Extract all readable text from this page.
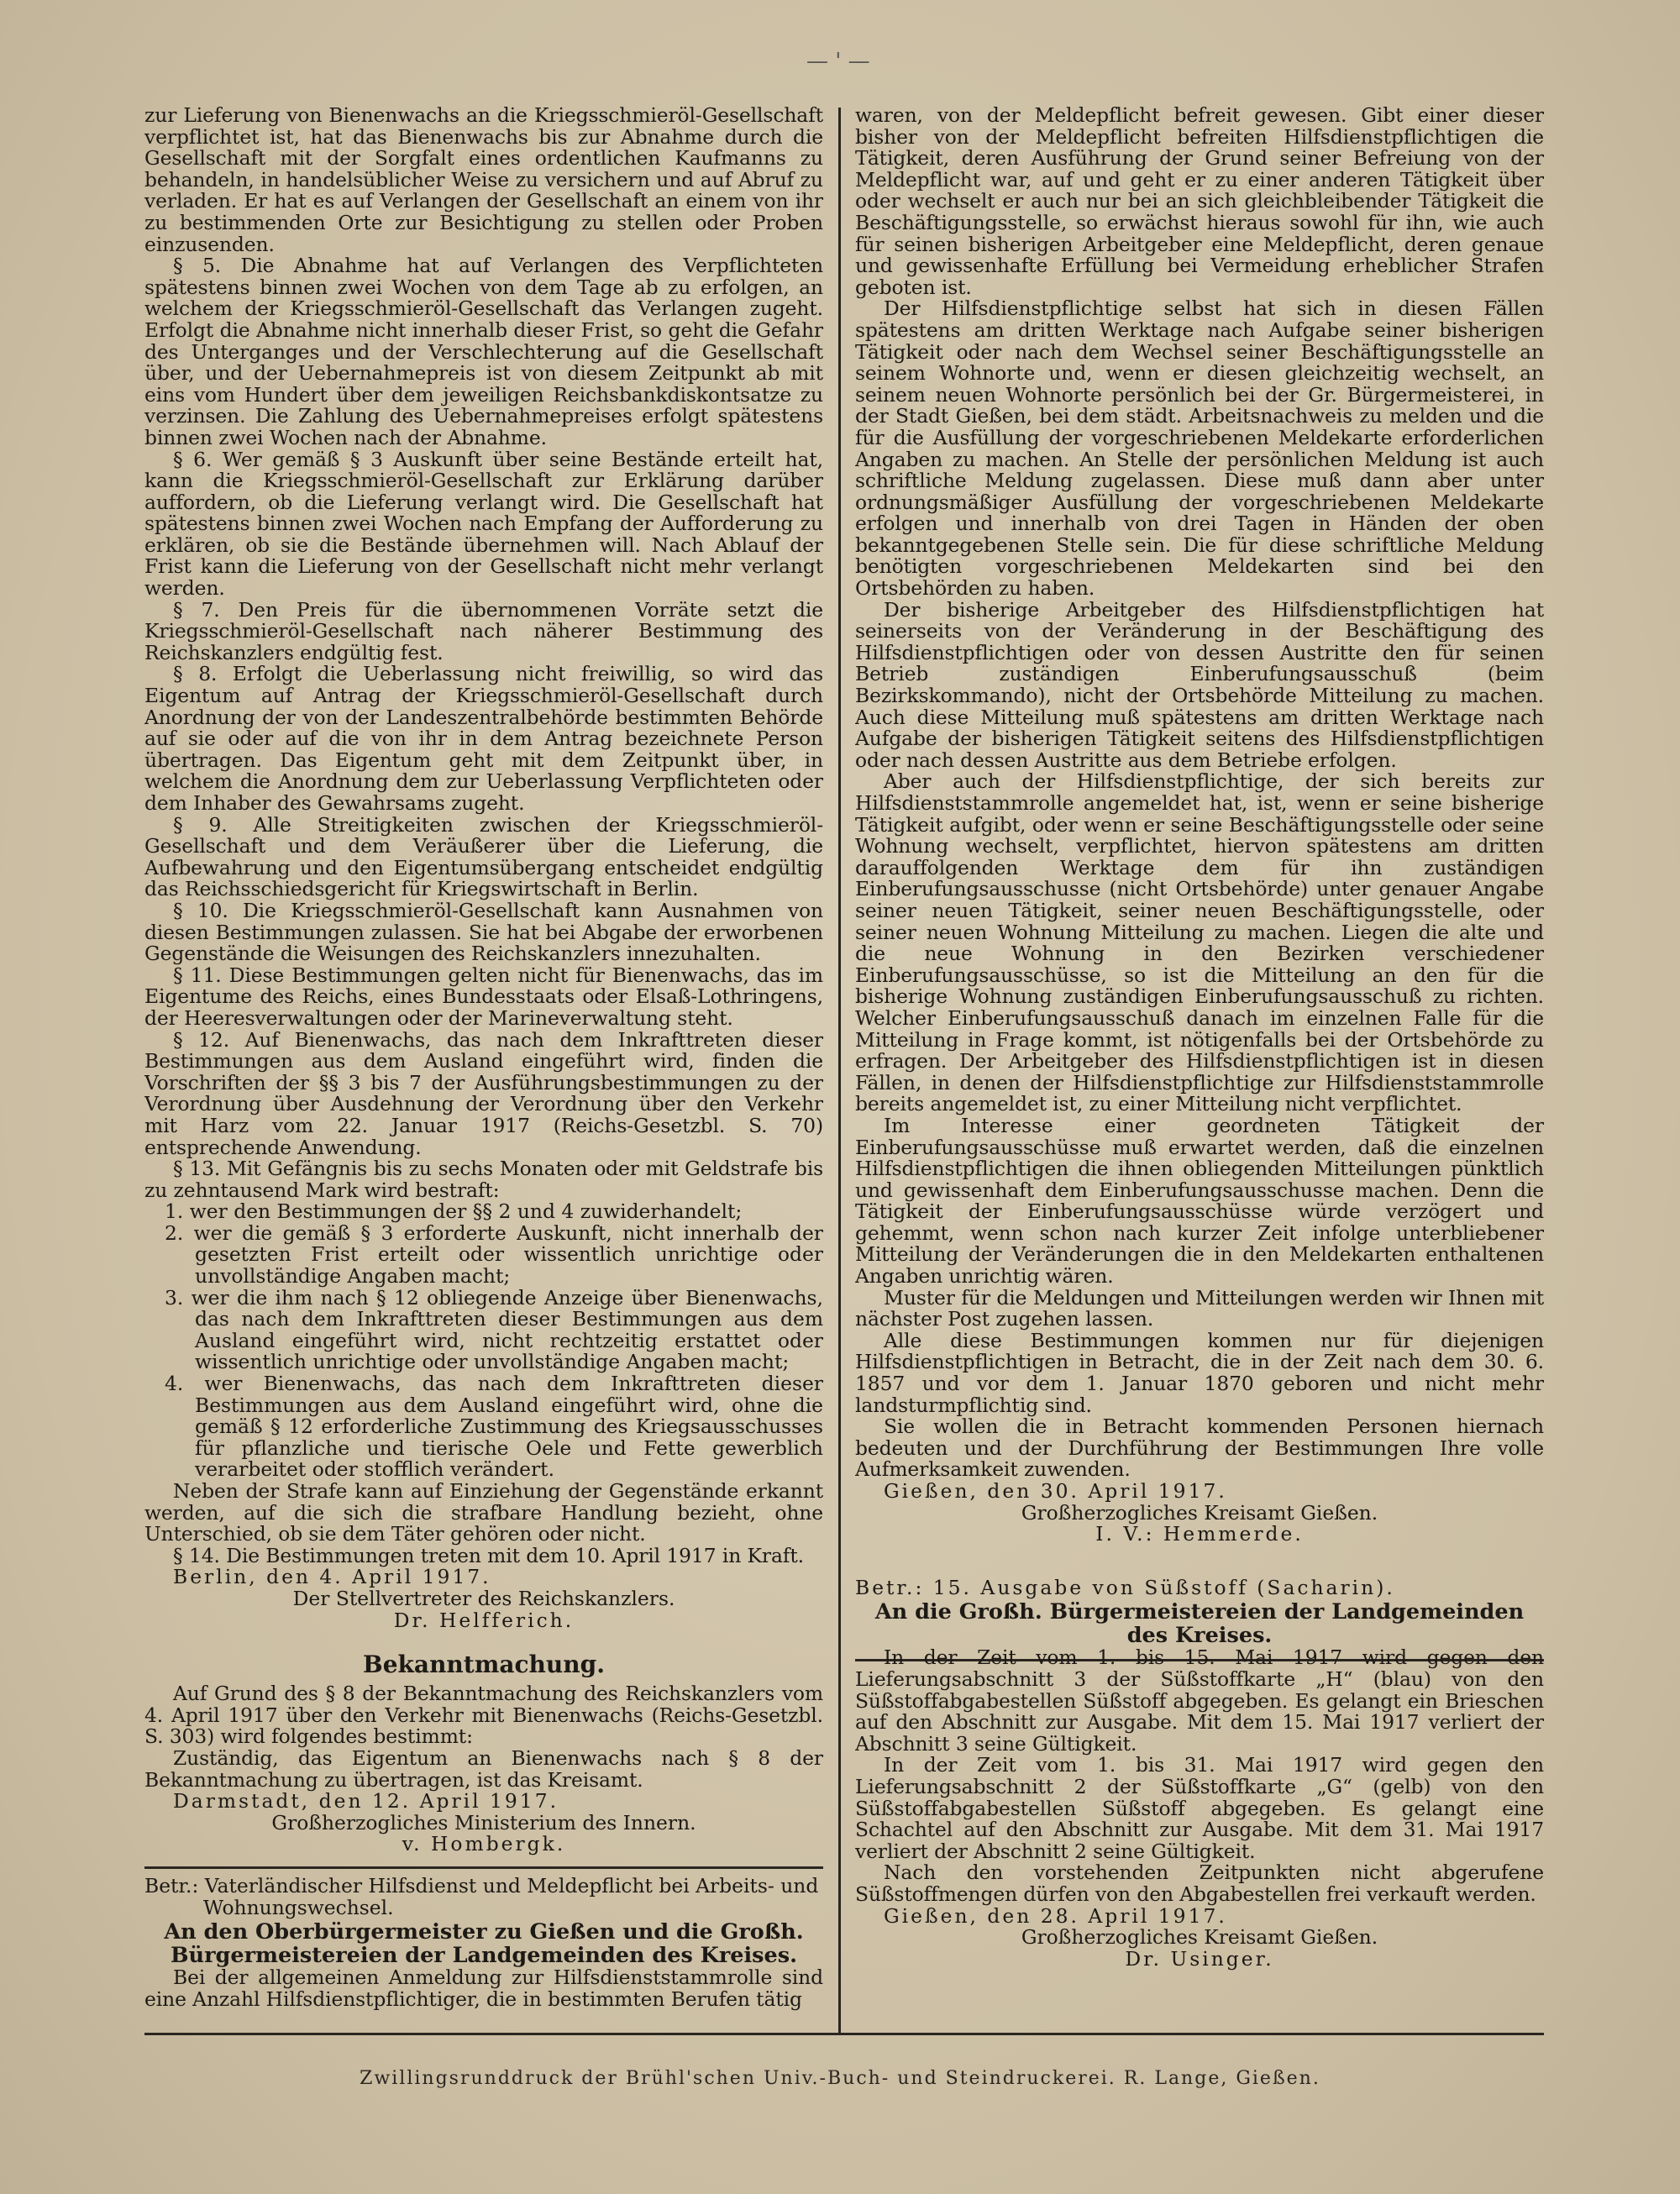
— ' —

zur Lieferung von Bienenwachs an die Kriegsschmieröl-Gesellschaft verpflichtet ist, hat das Bienenwachs bis zur Abnahme durch die Gesellschaft mit der Sorgfalt eines ordentlichen Kaufmanns zu behandeln, in handelsüblicher Weise zu versichern und auf Abruf zu verladen. Er hat es auf Verlangen der Gesellschaft an einem von ihr zu bestimmenden Orte zur Besichtigung zu stellen oder Proben einzusenden.

§ 5. Die Abnahme hat auf Verlangen des Verpflichteten spätestens binnen zwei Wochen von dem Tage ab zu erfolgen, an welchem der Kriegsschmieröl-Gesellschaft das Verlangen zugeht. Erfolgt die Abnahme nicht innerhalb dieser Frist, so geht die Gefahr des Unterganges und der Verschlechterung auf die Gesellschaft über, und der Uebernahmepreis ist von diesem Zeitpunkt ab mit eins vom Hundert über dem jeweiligen Reichsbankdiskontsatze zu verzinsen. Die Zahlung des Uebernahmepreises erfolgt spätestens binnen zwei Wochen nach der Abnahme.

§ 6. Wer gemäß § 3 Auskunft über seine Bestände erteilt hat, kann die Kriegsschmieröl-Gesellschaft zur Erklärung darüber auffordern, ob die Lieferung verlangt wird. Die Gesellschaft hat spätestens binnen zwei Wochen nach Empfang der Aufforderung zu erklären, ob sie die Bestände übernehmen will. Nach Ablauf der Frist kann die Lieferung von der Gesellschaft nicht mehr verlangt werden.

§ 7. Den Preis für die übernommenen Vorräte setzt die Kriegsschmieröl-Gesellschaft nach näherer Bestimmung des Reichskanzlers endgültig fest.

§ 8. Erfolgt die Ueberlassung nicht freiwillig, so wird das Eigentum auf Antrag der Kriegsschmieröl-Gesellschaft durch Anordnung der von der Landeszentralbehörde bestimmten Behörde auf sie oder auf die von ihr in dem Antrag bezeichnete Person übertragen. Das Eigentum geht mit dem Zeitpunkt über, in welchem die Anordnung dem zur Ueberlassung Verpflichteten oder dem Inhaber des Gewahrsams zugeht.

§ 9. Alle Streitigkeiten zwischen der Kriegsschmieröl-Gesellschaft und dem Veräußerer über die Lieferung, die Aufbewahrung und den Eigentumsübergang entscheidet endgültig das Reichsschiedsgericht für Kriegswirtschaft in Berlin.

§ 10. Die Kriegsschmieröl-Gesellschaft kann Ausnahmen von diesen Bestimmungen zulassen. Sie hat bei Abgabe der erworbenen Gegenstände die Weisungen des Reichskanzlers innezuhalten.

§ 11. Diese Bestimmungen gelten nicht für Bienenwachs, das im Eigentume des Reichs, eines Bundesstaats oder Elsaß-Lothringens, der Heeresverwaltungen oder der Marineverwaltung steht.

§ 12. Auf Bienenwachs, das nach dem Inkrafttreten dieser Bestimmungen aus dem Ausland eingeführt wird, finden die Vorschriften der §§ 3 bis 7 der Ausführungsbestimmungen zu der Verordnung über Ausdehnung der Verordnung über den Verkehr mit Harz vom 22. Januar 1917 (Reichs-Gesetzbl. S. 70) entsprechende Anwendung.

§ 13. Mit Gefängnis bis zu sechs Monaten oder mit Geldstrafe bis zu zehntausend Mark wird bestraft:

1. wer den Bestimmungen der §§ 2 und 4 zuwiderhandelt;

2. wer die gemäß § 3 erforderte Auskunft, nicht innerhalb der gesetzten Frist erteilt oder wissentlich unrichtige oder unvollständige Angaben macht;

3. wer die ihm nach § 12 obliegende Anzeige über Bienenwachs, das nach dem Inkrafttreten dieser Bestimmungen aus dem Ausland eingeführt wird, nicht rechtzeitig erstattet oder wissentlich unrichtige oder unvollständige Angaben macht;

4. wer Bienenwachs, das nach dem Inkrafttreten dieser Bestimmungen aus dem Ausland eingeführt wird, ohne die gemäß § 12 erforderliche Zustimmung des Kriegsausschusses für pflanzliche und tierische Oele und Fette gewerblich verarbeitet oder stofflich verändert.

Neben der Strafe kann auf Einziehung der Gegenstände erkannt werden, auf die sich die strafbare Handlung bezieht, ohne Unterschied, ob sie dem Täter gehören oder nicht.

§ 14. Die Bestimmungen treten mit dem 10. April 1917 in Kraft.

Berlin, den 4. April 1917.

Der Stellvertreter des Reichskanzlers.

Dr. Helfferich.

Bekanntmachung.

Auf Grund des § 8 der Bekanntmachung des Reichskanzlers vom 4. April 1917 über den Verkehr mit Bienenwachs (Reichs-Gesetzbl. S. 303) wird folgendes bestimmt:

Zuständig, das Eigentum an Bienenwachs nach § 8 der Bekanntmachung zu übertragen, ist das Kreisamt.

Darmstadt, den 12. April 1917.

Großherzogliches Ministerium des Innern.

v. Hombergk.

Betr.: Vaterländischer Hilfsdienst und Meldepflicht bei Arbeits- und Wohnungswechsel.

An den Oberbürgermeister zu Gießen und die Großh.

Bürgermeistereien der Landgemeinden des Kreises.

Bei der allgemeinen Anmeldung zur Hilfsdienststammrolle sind eine Anzahl Hilfsdienstpflichtiger, die in bestimmten Berufen tätig

waren, von der Meldepflicht befreit gewesen. Gibt einer dieser bisher von der Meldepflicht befreiten Hilfsdienstpflichtigen die Tätigkeit, deren Ausführung der Grund seiner Befreiung von der Meldepflicht war, auf und geht er zu einer anderen Tätigkeit über oder wechselt er auch nur bei an sich gleichbleibender Tätigkeit die Beschäftigungsstelle, so erwächst hieraus sowohl für ihn, wie auch für seinen bisherigen Arbeitgeber eine Meldepflicht, deren genaue und gewissenhafte Erfüllung bei Vermeidung erheblicher Strafen geboten ist.

Der Hilfsdienstpflichtige selbst hat sich in diesen Fällen spätestens am dritten Werktage nach Aufgabe seiner bisherigen Tätigkeit oder nach dem Wechsel seiner Beschäftigungsstelle an seinem Wohnorte und, wenn er diesen gleichzeitig wechselt, an seinem neuen Wohnorte persönlich bei der Gr. Bürgermeisterei, in der Stadt Gießen, bei dem städt. Arbeitsnachweis zu melden und die für die Ausfüllung der vorgeschriebenen Meldekarte erforderlichen Angaben zu machen. An Stelle der persönlichen Meldung ist auch schriftliche Meldung zugelassen. Diese muß dann aber unter ordnungsmäßiger Ausfüllung der vorgeschriebenen Meldekarte erfolgen und innerhalb von drei Tagen in Händen der oben bekanntgegebenen Stelle sein. Die für diese schriftliche Meldung benötigten vorgeschriebenen Meldekarten sind bei den Ortsbehörden zu haben.

Der bisherige Arbeitgeber des Hilfsdienstpflichtigen hat seinerseits von der Veränderung in der Beschäftigung des Hilfsdienstpflichtigen oder von dessen Austritte den für seinen Betrieb zuständigen Einberufungsausschuß (beim Bezirkskommando), nicht der Ortsbehörde Mitteilung zu machen. Auch diese Mitteilung muß spätestens am dritten Werktage nach Aufgabe der bisherigen Tätigkeit seitens des Hilfsdienstpflichtigen oder nach dessen Austritte aus dem Betriebe erfolgen.

Aber auch der Hilfsdienstpflichtige, der sich bereits zur Hilfsdienststammrolle angemeldet hat, ist, wenn er seine bisherige Tätigkeit aufgibt, oder wenn er seine Beschäftigungsstelle oder seine Wohnung wechselt, verpflichtet, hiervon spätestens am dritten darauffolgenden Werktage dem für ihn zuständigen Einberufungsausschusse (nicht Ortsbehörde) unter genauer Angabe seiner neuen Tätigkeit, seiner neuen Beschäftigungsstelle, oder seiner neuen Wohnung Mitteilung zu machen. Liegen die alte und die neue Wohnung in den Bezirken verschiedener Einberufungsausschüsse, so ist die Mitteilung an den für die bisherige Wohnung zuständigen Einberufungsausschuß zu richten. Welcher Einberufungsausschuß danach im einzelnen Falle für die Mitteilung in Frage kommt, ist nötigenfalls bei der Ortsbehörde zu erfragen. Der Arbeitgeber des Hilfsdienstpflichtigen ist in diesen Fällen, in denen der Hilfsdienstpflichtige zur Hilfsdienststammrolle bereits angemeldet ist, zu einer Mitteilung nicht verpflichtet.

Im Interesse einer geordneten Tätigkeit der Einberufungsausschüsse muß erwartet werden, daß die einzelnen Hilfsdienstpflichtigen die ihnen obliegenden Mitteilungen pünktlich und gewissenhaft dem Einberufungsausschusse machen. Denn die Tätigkeit der Einberufungsausschüsse würde verzögert und gehemmt, wenn schon nach kurzer Zeit infolge unterbliebener Mitteilung der Veränderungen die in den Meldekarten enthaltenen Angaben unrichtig wären.

Muster für die Meldungen und Mitteilungen werden wir Ihnen mit nächster Post zugehen lassen.

Alle diese Bestimmungen kommen nur für diejenigen Hilfsdienstpflichtigen in Betracht, die in der Zeit nach dem 30. 6. 1857 und vor dem 1. Januar 1870 geboren und nicht mehr landsturmpflichtig sind.

Sie wollen die in Betracht kommenden Personen hiernach bedeuten und der Durchführung der Bestimmungen Ihre volle Aufmerksamkeit zuwenden.

Gießen, den 30. April 1917.

Großherzogliches Kreisamt Gießen.

I. V.: Hemmerde.

Betr.: 15. Ausgabe von Süßstoff (Sacharin).

An die Großh. Bürgermeistereien der Landgemeinden

des Kreises.

In der Zeit vom 1. bis 15. Mai 1917 wird gegen den Lieferungsabschnitt 3 der Süßstoffkarte „H“ (blau) von den Süßstoffabgabestellen Süßstoff abgegeben. Es gelangt ein Brieschen auf den Abschnitt zur Ausgabe. Mit dem 15. Mai 1917 verliert der Abschnitt 3 seine Gültigkeit.

In der Zeit vom 1. bis 31. Mai 1917 wird gegen den Lieferungsabschnitt 2 der Süßstoffkarte „G“ (gelb) von den Süßstoffabgabestellen Süßstoff abgegeben. Es gelangt eine Schachtel auf den Abschnitt zur Ausgabe. Mit dem 31. Mai 1917 verliert der Abschnitt 2 seine Gültigkeit.

Nach den vorstehenden Zeitpunkten nicht abgerufene Süßstoffmengen dürfen von den Abgabestellen frei verkauft werden.

Gießen, den 28. April 1917.

Großherzogliches Kreisamt Gießen.

Dr. Usinger.

Zwillingsrunddruck der Brühl'schen Univ.-Buch- und Steindruckerei. R. Lange, Gießen.
